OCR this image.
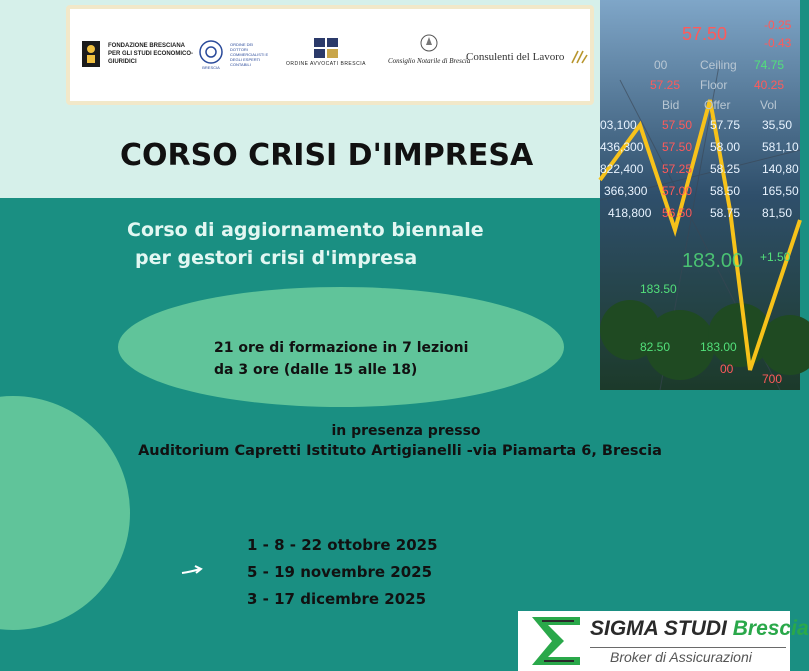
FONDAZIONE BRESCIANA PER GLI STUDI ECONOMICO-GIURIDICI
BRESCIA
ORDINE DEI DOTTORI COMMERCIALISTI E DEGLI ESPERTI CONTABILI	ORDINE AVVOCATI BRESCIA	Consiglio Notarile di Brescia
Consulenti del Lavoro
57.50	-0.25
-0.43
00	Ceiling 74.75
57.25 Floor 40.25
Bid Offer Vol
03,100 57.50 57.75 35,50
436,300 57.50 58.00 581,10
822,400 57.25 58.25 140,80
366,300 57.00 58.50 165,50
418,800 56.50 58.75 81,50
183.00 +1.50
183.50
82.50 183.00
00
700
CORSO CRISI D'IMPRESA
Corso di aggiornamento biennale
per gestori crisi d'impresa
21 ore di formazione in 7 lezioni
da 3 ore (dalle 15 alle 18)
in presenza presso
Auditorium Capretti Istituto Artigianelli -via Piamarta 6, Brescia
1 - 8 - 22 ottobre 2025
5 - 19 novembre 2025
3 - 17 dicembre 2025
SIGMA STUDI Brescia
Broker di Assicurazioni
